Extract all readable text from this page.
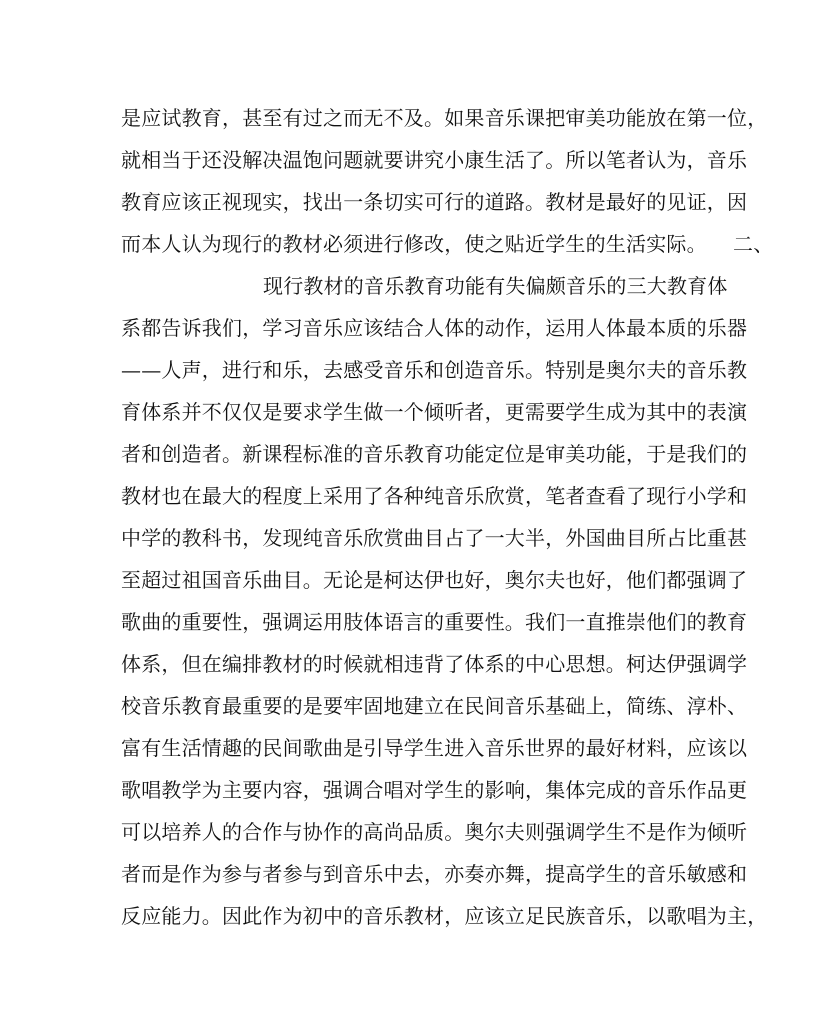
是应试教育，甚至有过之而无不及。如果音乐课把审美功能放在第一位，
就相当于还没解决温饱问题就要讲究小康生活了。所以笔者认为，音乐
教育应该正视现实，找出一条切实可行的道路。教材是最好的见证，因
而本人认为现行的教材必须进行修改，使之贴近学生的生活实际。    二、
现行教材的音乐教育功能有失偏颇音乐的三大教育体
系都告诉我们，学习音乐应该结合人体的动作，运用人体最本质的乐器
——人声，进行和乐，去感受音乐和创造音乐。特别是奥尔夫的音乐教
育体系并不仅仅是要求学生做一个倾听者，更需要学生成为其中的表演
者和创造者。新课程标准的音乐教育功能定位是审美功能，于是我们的
教材也在最大的程度上采用了各种纯音乐欣赏，笔者查看了现行小学和
中学的教科书，发现纯音乐欣赏曲目占了一大半，外国曲目所占比重甚
至超过祖国音乐曲目。无论是柯达伊也好，奥尔夫也好，他们都强调了
歌曲的重要性，强调运用肢体语言的重要性。我们一直推崇他们的教育
体系，但在编排教材的时候就相违背了体系的中心思想。柯达伊强调学
校音乐教育最重要的是要牢固地建立在民间音乐基础上，简练、淳朴、
富有生活情趣的民间歌曲是引导学生进入音乐世界的最好材料，应该以
歌唱教学为主要内容，强调合唱对学生的影响，集体完成的音乐作品更
可以培养人的合作与协作的高尚品质。奥尔夫则强调学生不是作为倾听
者而是作为参与者参与到音乐中去，亦奏亦舞，提高学生的音乐敏感和
反应能力。因此作为初中的音乐教材，应该立足民族音乐，以歌唱为主，
